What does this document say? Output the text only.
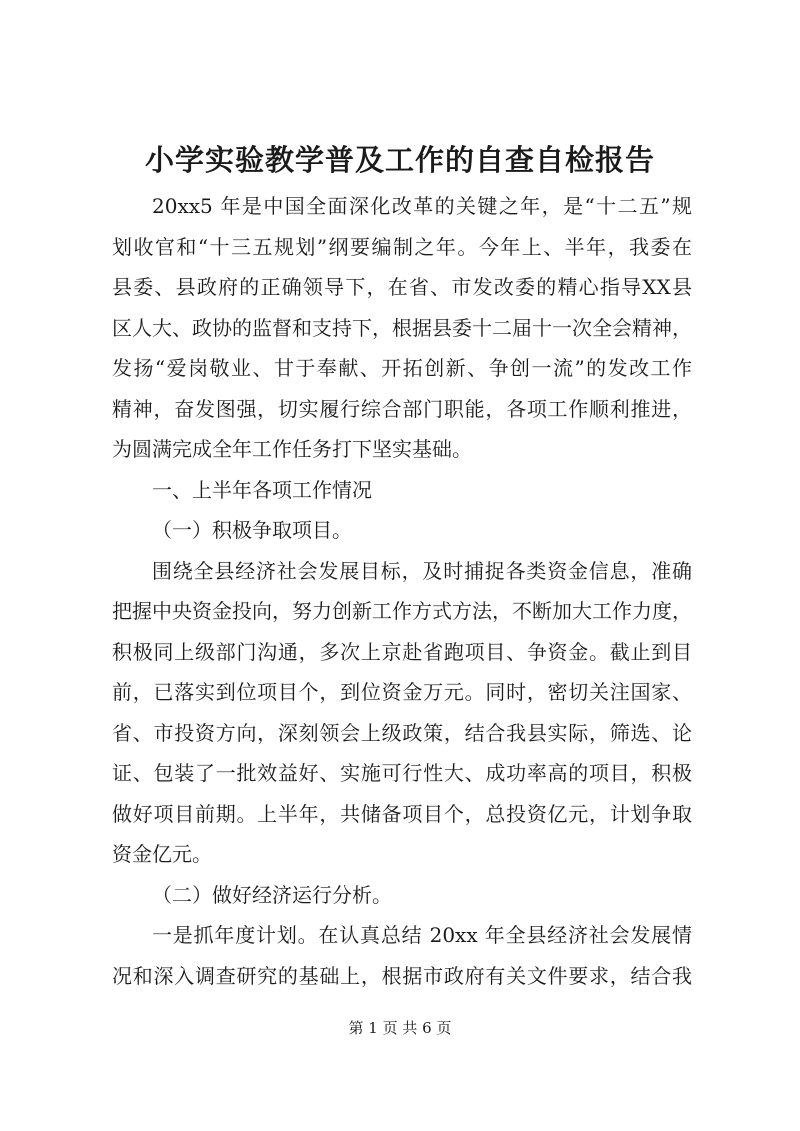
小学实验教学普及工作的自查自检报告
20xx5 年是中国全面深化改革的关键之年，是“十二五”规
划收官和“十三五规划”纲要编制之年。今年上、半年，我委在
县委、县政府的正确领导下，在省、市发改委的精心指导XX县
区人大、政协的监督和支持下，根据县委十二届十一次全会精神，
发扬“爱岗敬业、甘于奉献、开拓创新、争创一流”的发改工作
精神，奋发图强，切实履行综合部门职能，各项工作顺利推进，
为圆满完成全年工作任务打下坚实基础。
一、上半年各项工作情况
（一）积极争取项目。
围绕全县经济社会发展目标，及时捕捉各类资金信息，准确
把握中央资金投向，努力创新工作方式方法，不断加大工作力度，
积极同上级部门沟通，多次上京赴省跑项目、争资金。截止到目
前，已落实到位项目个，到位资金万元。同时，密切关注国家、
省、市投资方向，深刻领会上级政策，结合我县实际，筛选、论
证、包装了一批效益好、实施可行性大、成功率高的项目，积极
做好项目前期。上半年，共储备项目个，总投资亿元，计划争取
资金亿元。
（二）做好经济运行分析。
一是抓年度计划。在认真总结 20xx 年全县经济社会发展情
况和深入调查研究的基础上，根据市政府有关文件要求，结合我
第 1 页 共 6 页
